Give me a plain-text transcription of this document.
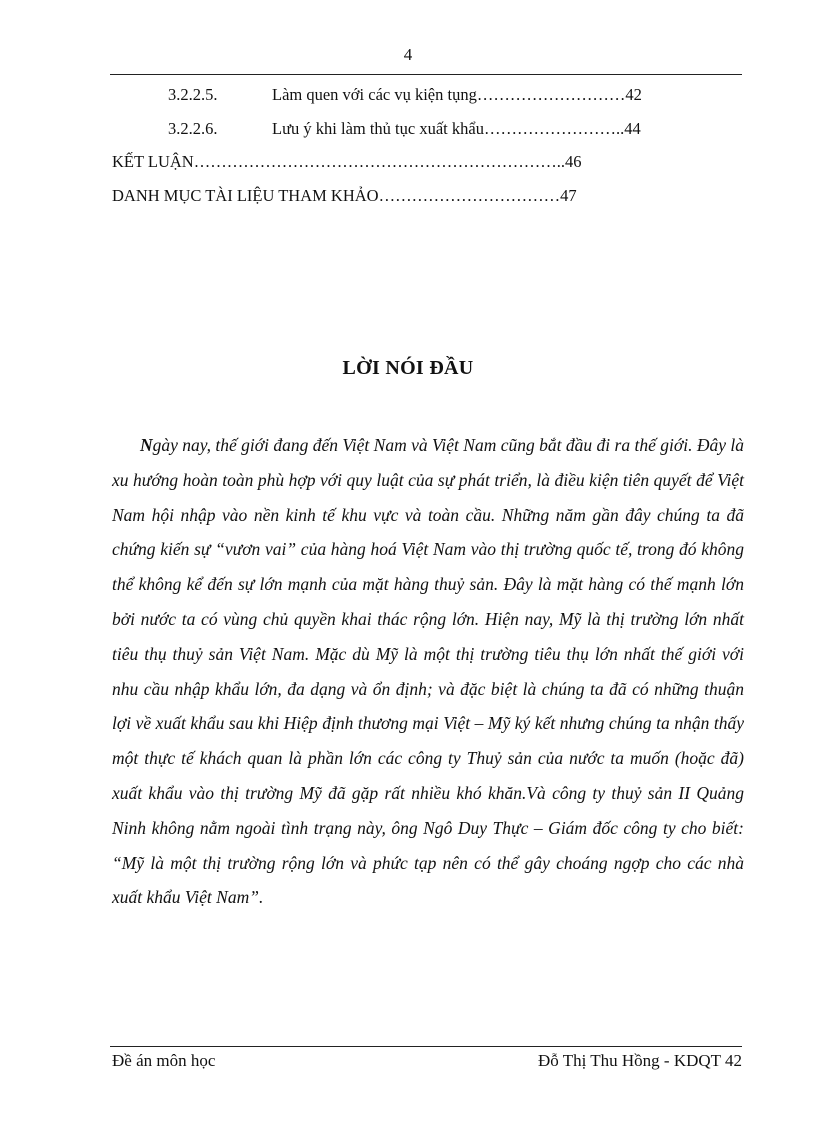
4
3.2.2.5.	Làm quen với các vụ kiện tụng………………………42
3.2.2.6.	Lưu ý khi làm thủ tục xuất khẩu……………………..44
KẾT LUẬN…………………………………………………………..46
DANH MỤC TÀI LIỆU THAM KHẢO……………………………47
LỜI NÓI ĐẦU

Ngày nay, thế giới đang đến Việt Nam và Việt Nam cũng bắt đầu đi ra thế giới. Đây là xu hướng hoàn toàn phù hợp với quy luật của sự phát triển, là điều kiện tiên quyết để Việt Nam hội nhập vào nền kinh tế khu vực và toàn cầu. Những năm gần đây chúng ta đã chứng kiến sự “vươn vai” của hàng hoá Việt Nam vào thị trường quốc tế, trong đó không thể không kể đến sự lớn mạnh của mặt hàng thuỷ sản. Đây là mặt hàng có thế mạnh lớn bởi nước ta có vùng chủ quyền khai thác rộng lớn. Hiện nay, Mỹ là thị trường lớn nhất tiêu thụ thuỷ sản Việt Nam. Mặc dù Mỹ là một thị trường tiêu thụ lớn nhất thế giới với nhu cầu nhập khẩu lớn, đa dạng và ổn định; và đặc biệt là chúng ta đã có những thuận lợi về xuất khẩu sau khi Hiệp định thương mại Việt – Mỹ ký kết nhưng chúng ta nhận thấy một thực tế khách quan là phần lớn các công ty Thuỷ sản của nước ta muốn (hoặc đã) xuất khẩu vào thị trường Mỹ đã gặp rất nhiều khó khăn.Và công ty thuỷ sản II Quảng Ninh không nằm ngoài tình trạng này, ông Ngô Duy Thực – Giám đốc công ty cho biết: “Mỹ là một thị trường rộng lớn và phức tạp nên có thể gây choáng ngợp cho các nhà xuất khẩu Việt Nam”.

Đề án môn học	Đỗ Thị Thu Hồng - KDQT 42
